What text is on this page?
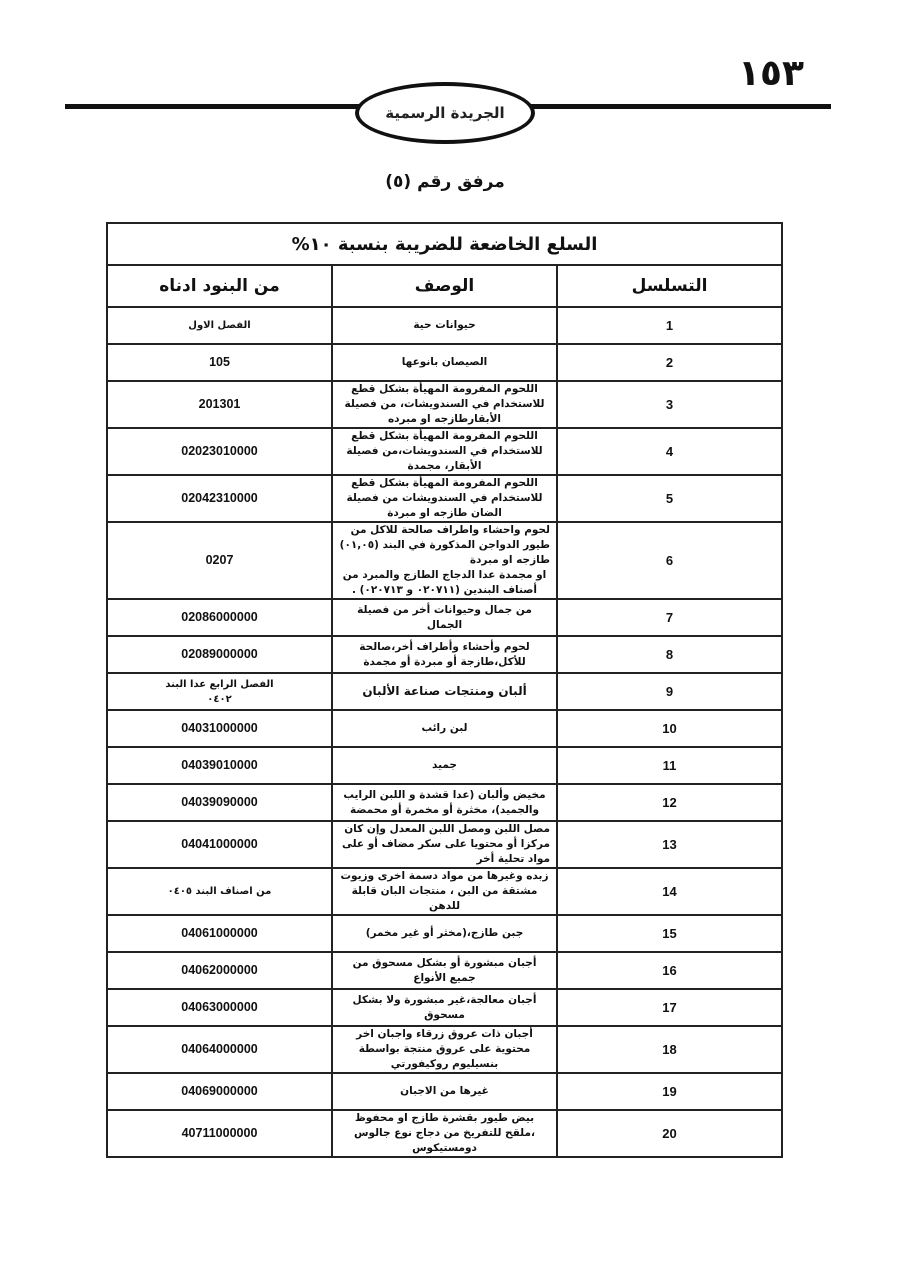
١٥٣
الجريدة الرسمية
مرفق رقم (٥)
السلع الخاضعة للضريبة بنسبة ١٠%		
التسلسل	الوصف	من البنود ادناه
1	حيوانات حية	الفصل الاول
2	الصيصان بانوعها	105
3	اللحوم المفرومة المهيأة بشكل قطع للاستخدام في السندويشات، من فصيلة الأبقارطازجه او مبرده	201301
4	اللحوم المفرومة المهيأة بشكل قطع للاستخدام في السندويشات،من فصيلة الأبقار، مجمدة	02023010000
5	اللحوم المفرومة المهيأة بشكل قطع للاستخدام في السندويشات من فصيلة الضان طازجه او مبردة	02042310000
6	لحوم واحشاء واطراف صالحة للاكل من طيور الدواجن المذكورة في البند (٠١,٠٥) طازجه او مبردة
او مجمدة عدا الدجاج الطازج والمبرد من أصناف البندين (٠٢٠٧١١ و ٠٢٠٧١٣) .	0207
7	من جمال وحيوانات أخر من فصيلة الجمال	02086000000
8	لحوم وأحشاء وأطراف أخر،صالحة للأكل،طازجة أو مبردة أو مجمدة	02089000000
9	ألبان ومنتجات صناعة الألبان	الفصل الرابع عدا البند
٠٤٠٢

10	لبن رائب	04031000000
11	جميد	04039010000
12	مخيض وألبان (عدا قشدة و اللبن الرايب والجميد)، مخثرة أو مخمرة أو محمضة	04039090000
13	مصل اللبن ومصل اللبن المعدل وإن كان مركزا أو محتويا على سكر مضاف أو على مواد تحلية أخر	04041000000
14	زبده وغيرها من مواد دسمة اخرى وزيوت مشتقة من البن ، منتجات البان قابلة للدهن	من اصناف البند ٠٤٠٥
15	جبن طازج،(مخثر أو غير مخمر)	04061000000
16	أجبان مبشورة أو بشكل مسحوق من جميع الأنواع	04062000000
17	أجبان معالجة،غير مبشورة ولا بشكل مسحوق	04063000000
18	أجبان ذات عروق زرقاء واجبان اخر محتوية على عروق منتجة بواسطة بنسيليوم روكيفورتي	04064000000
19	غيرها من الاجبان	04069000000
20	بيض طيور بقشرة طازج او محفوظ ،ملقح للتفريخ من دجاج نوع جالوس دومستيكوس	40711000000
